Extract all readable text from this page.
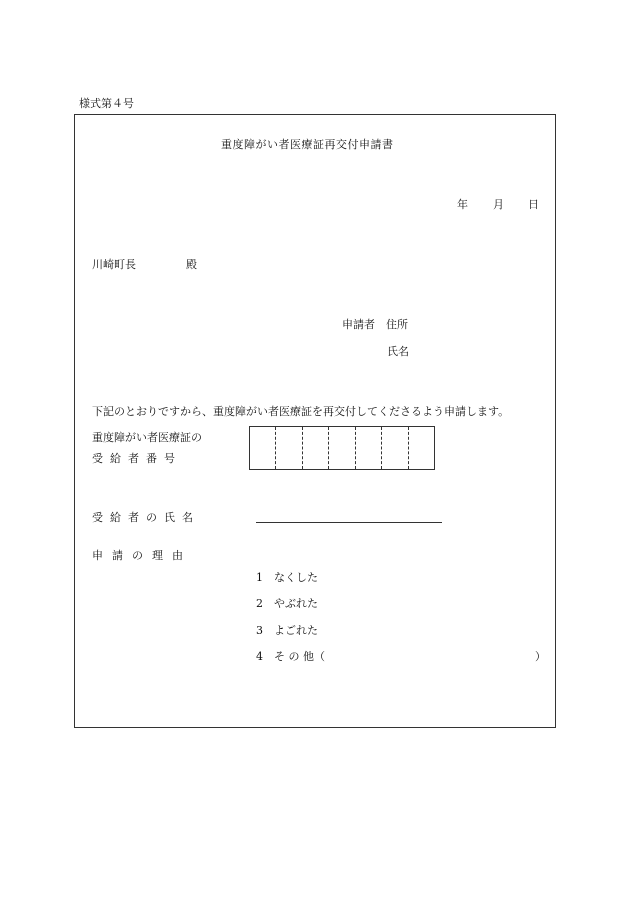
様式第４号
重度障がい者医療証再交付申請書
年 月 日
川崎町長	殿
申請者 住所
氏名
下記のとおりですから、重度障がい者医療証を再交付してくださるよう申請します。
重度障がい者医療証の
受給者番号
受給者の氏名
申請の理由
1　なくした
2　やぶれた
3　よごれた
4　そ の 他（	）
